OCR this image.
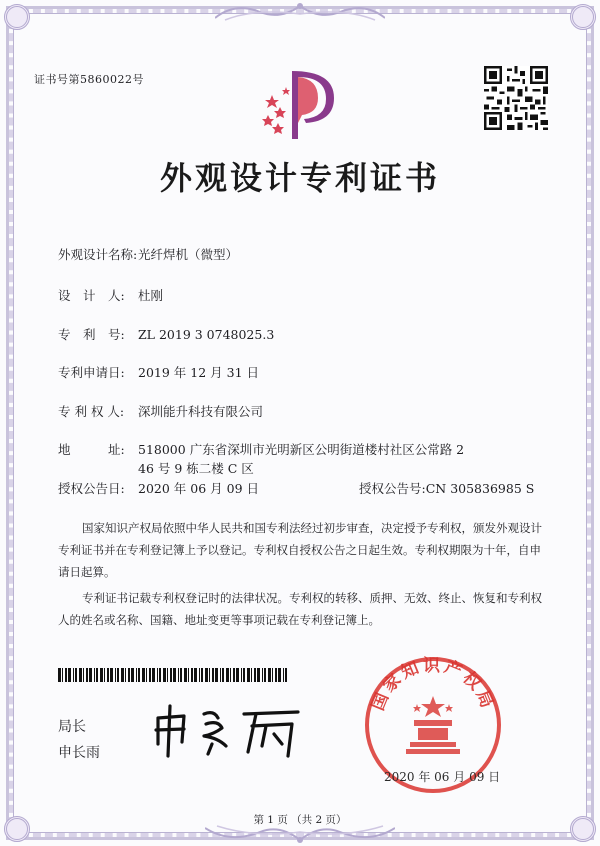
证书号第5860022号
外观设计专利证书
外观设计名称:光纤焊机（微型）
设　计　人: 杜刚
专　利　号: ZL 2019 3 0748025.3
专利申请日: 2019 年 12 月 31 日
专 利 权 人: 深圳能升科技有限公司
地　　　址: 518000 广东省深圳市光明新区公明街道楼村社区公常路 2
46 号 9 栋二楼 C 区
授权公告日: 2020 年 06 月 09 日	授权公告号:CN 305836985 S
国家知识产权局依照中华人民共和国专利法经过初步审查，决定授予专利权，颁发外观设计专利证书并在专利登记簿上予以登记。专利权自授权公告之日起生效。专利权期限为十年，自申请日起算。
专利证书记载专利权登记时的法律状况。专利权的转移、质押、无效、终止、恢复和专利权人的姓名或名称、国籍、地址变更等事项记载在专利登记簿上。
局长
申长雨
国家知识产权局
2020 年 06 月 09 日
第 1 页 （共 2 页）
